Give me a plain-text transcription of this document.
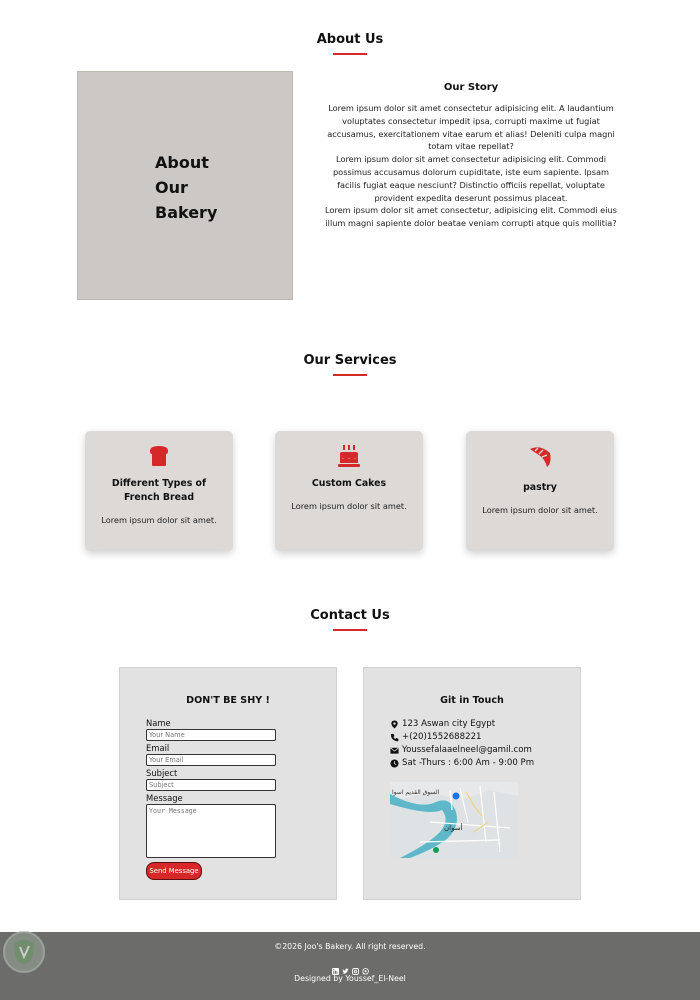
About Us
About
Our
Bakery
Our Story

Lorem ipsum dolor sit amet consectetur adipisicing elit. A laudantium voluptates consectetur impedit ipsa, corrupti maxime ut fugiat accusamus, exercitationem vitae earum et alias! Deleniti culpa magni totam vitae repellat?
Lorem ipsum dolor sit amet consectetur adipisicing elit. Commodi possimus accusamus dolorum cupiditate, iste eum sapiente. Ipsam facilis fugiat eaque nesciunt? Distinctio officiis repellat, voluptate provident expedita deserunt possimus placeat.
Lorem ipsum dolor sit amet consectetur, adipisicing elit. Commodi eius illum magni sapiente dolor beatae veniam corrupti atque quis mollitia?

Our Services
Different Types of French Bread
Lorem ipsum dolor sit amet.
Custom Cakes
Lorem ipsum dolor sit amet.
pastry
Lorem ipsum dolor sit amet.
Contact Us
DON'T BE SHY !
Name
Your Name
Email
Your Email
Subject
Subject
Message
Your Message
Send Message
Git in Touch
123 Aswan city Egypt
+(20)1552688221
Youssefalaaelneel@gamil.com
Sat -Thurs : 6:00 Am - 9:00 Pm
السوق القديم اسوا
أسوان
©2026 Joo's Bakery. All right reserved.
Designed by Youssef_El-Neel
